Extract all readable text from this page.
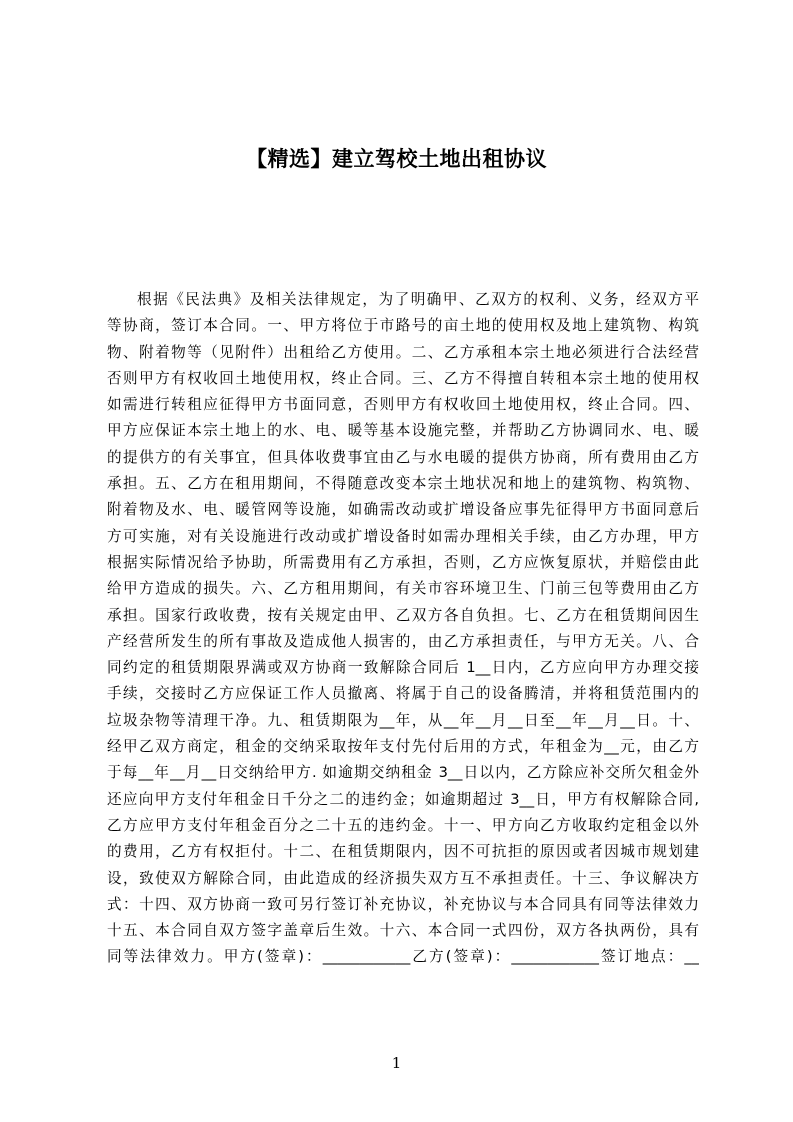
【精选】建立驾校土地出租协议
根据《民法典》及相关法律规定，为了明确甲、乙双方的权利、义务，经双方平
等协商，签订本合同。一、甲方将位于市路号的亩土地的使用权及地上建筑物、构筑
物、附着物等（见附件）出租给乙方使用。二、乙方承租本宗土地必须进行合法经营
否则甲方有权收回土地使用权，终止合同。三、乙方不得擅自转租本宗土地的使用权
如需进行转租应征得甲方书面同意，否则甲方有权收回土地使用权，终止合同。四、
甲方应保证本宗土地上的水、电、暖等基本设施完整，并帮助乙方协调同水、电、暖
的提供方的有关事宜，但具体收费事宜由乙与水电暖的提供方协商，所有费用由乙方
承担。五、乙方在租用期间，不得随意改变本宗土地状况和地上的建筑物、构筑物、
附着物及水、电、暖管网等设施，如确需改动或扩增设备应事先征得甲方书面同意后
方可实施，对有关设施进行改动或扩增设备时如需办理相关手续，由乙方办理，甲方
根据实际情况给予协助，所需费用有乙方承担，否则，乙方应恢复原状，并赔偿由此
给甲方造成的损失。六、乙方租用期间，有关市容环境卫生、门前三包等费用由乙方
承担。国家行政收费，按有关规定由甲、乙双方各自负担。七、乙方在租赁期间因生
产经营所发生的所有事故及造成他人损害的，由乙方承担责任，与甲方无关。八、合
同约定的租赁期限界满或双方协商一致解除合同后 1__日内，乙方应向甲方办理交接
手续，交接时乙方应保证工作人员撤离、将属于自己的设备腾清，并将租赁范围内的
垃圾杂物等清理干净。九、租赁期限为__年，从__年__月__日至__年__月__日。十、
经甲乙双方商定，租金的交纳采取按年支付先付后用的方式，年租金为__元，由乙方
于每__年__月__日交纳给甲方. 如逾期交纳租金 3__日以内，乙方除应补交所欠租金外
还应向甲方支付年租金日千分之二的违约金；如逾期超过 3__日，甲方有权解除合同,
乙方应甲方支付年租金百分之二十五的违约金。十一、甲方向乙方收取约定租金以外
的费用，乙方有权拒付。十二、在租赁期限内，因不可抗拒的原因或者因城市规划建
设，致使双方解除合同，由此造成的经济损失双方互不承担责任。十三、争议解决方
式：十四、双方协商一致可另行签订补充协议，补充协议与本合同具有同等法律效力
十五、本合同自双方签字盖章后生效。十六、本合同一式四份，双方各执两份，具有
同等法律效力。甲方(签章)：____________乙方(签章)：____________签订地点：__
1
